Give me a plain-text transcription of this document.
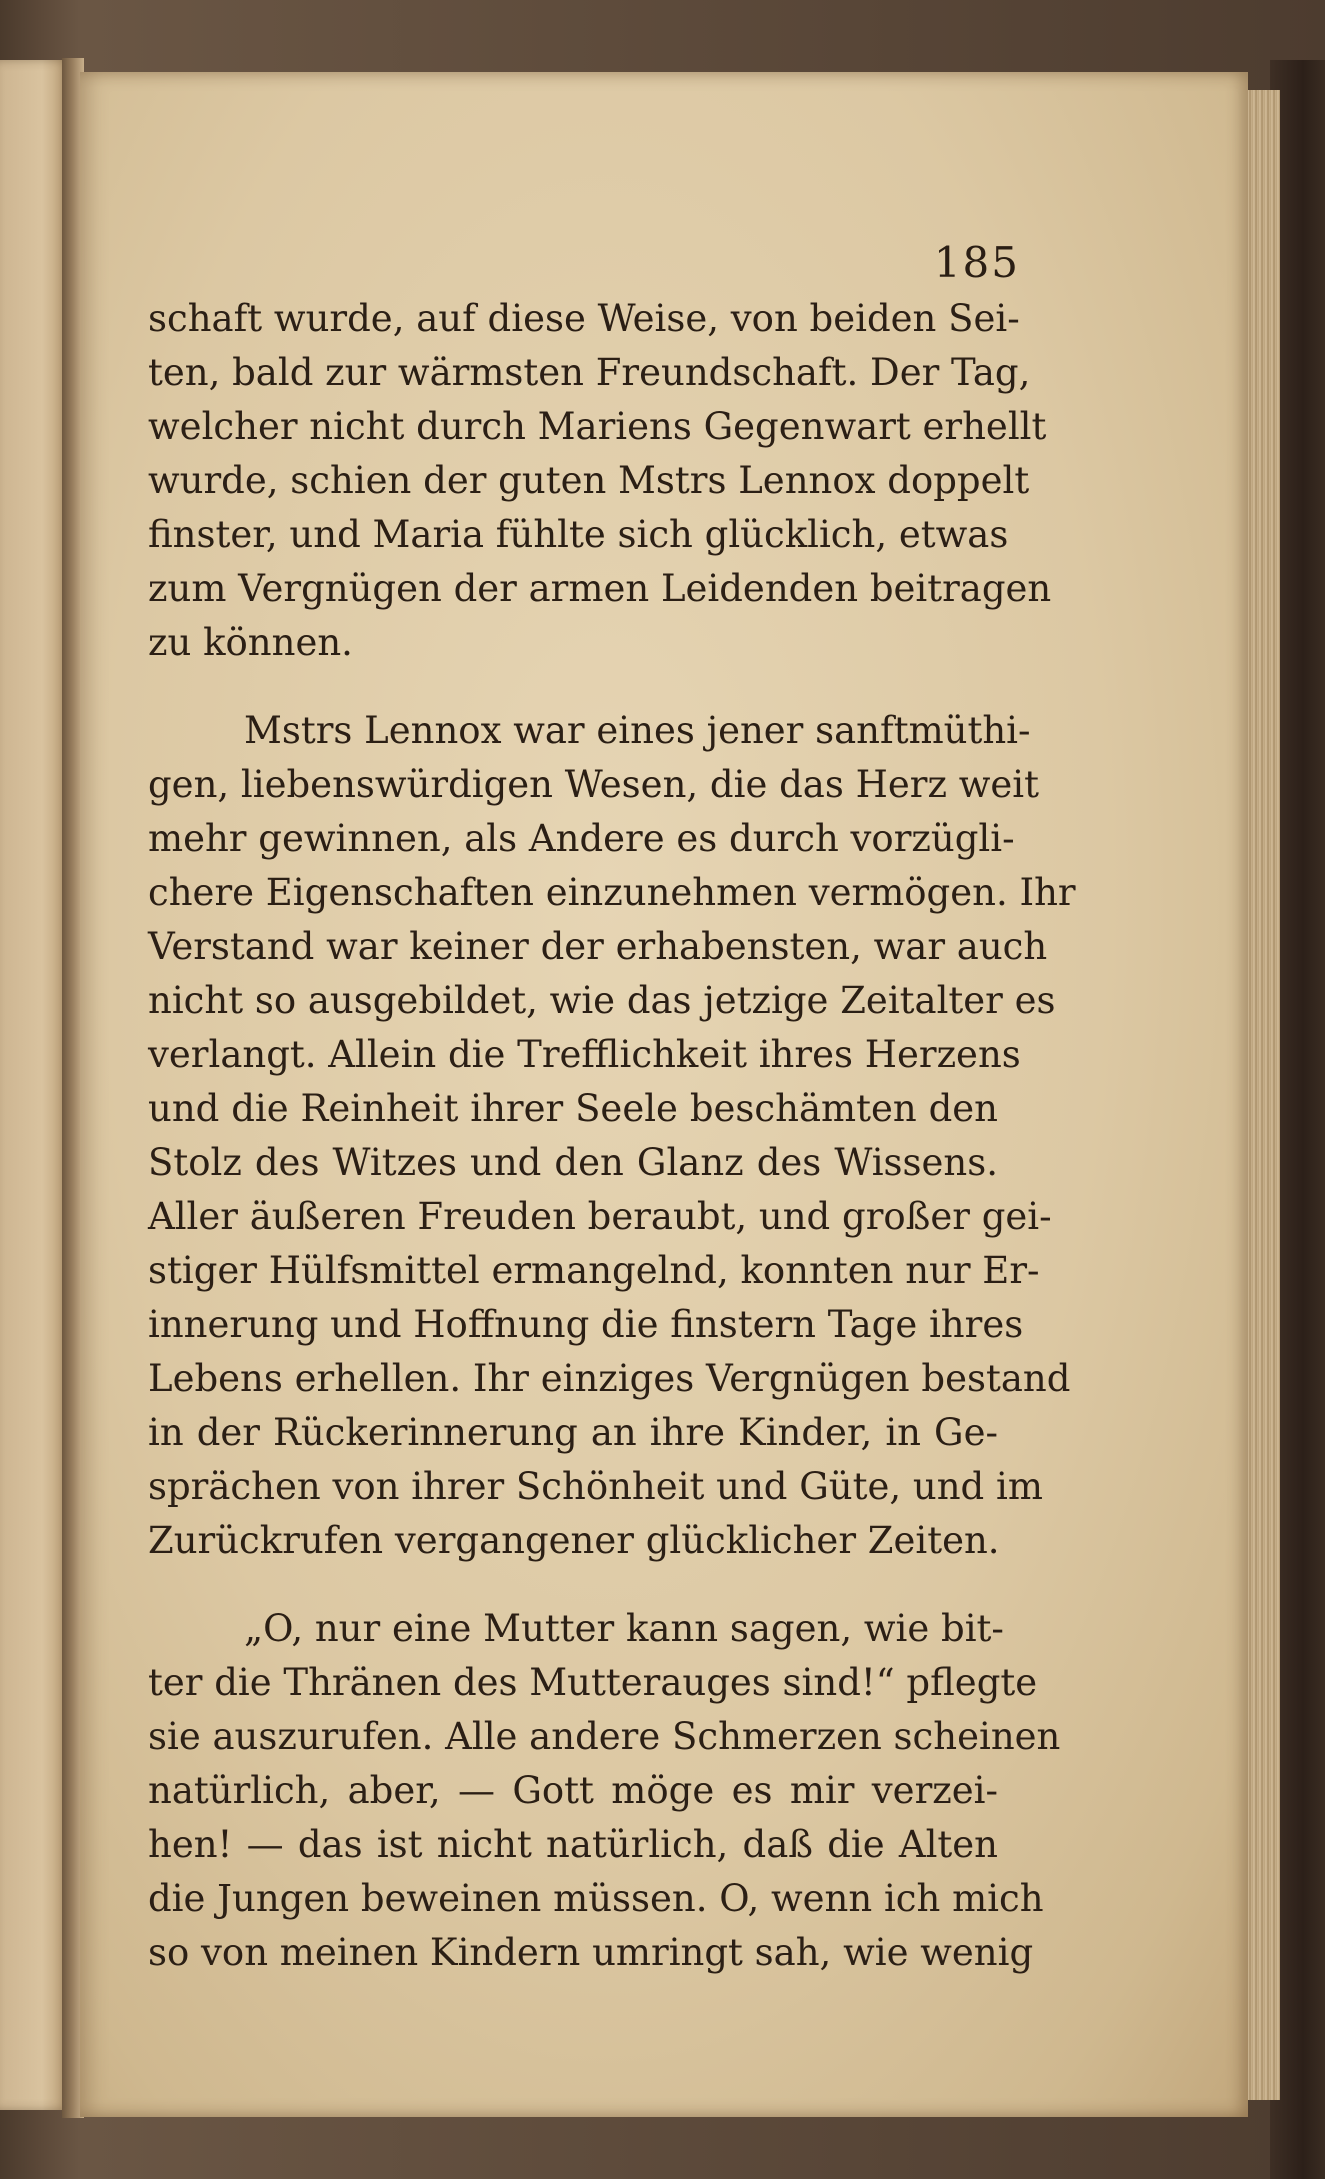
185
schaft wurde, auf diese Weise, von beiden Sei-
ten, bald zur wärmsten Freundschaft. Der Tag,
welcher nicht durch Mariens Gegenwart erhellt
wurde, schien der guten Mstrs Lennox doppelt
finster, und Maria fühlte sich glücklich, etwas
zum Vergnügen der armen Leidenden beitragen
zu können.
Mstrs Lennox war eines jener sanftmüthi-
gen, liebenswürdigen Wesen, die das Herz weit
mehr gewinnen, als Andere es durch vorzügli-
chere Eigenschaften einzunehmen vermögen. Ihr
Verstand war keiner der erhabensten, war auch
nicht so ausgebildet, wie das jetzige Zeitalter es
verlangt. Allein die Trefflichkeit ihres Herzens
und die Reinheit ihrer Seele beschämten den
Stolz des Witzes und den Glanz des Wissens.
Aller äußeren Freuden beraubt, und großer gei-
stiger Hülfsmittel ermangelnd, konnten nur Er-
innerung und Hoffnung die finstern Tage ihres
Lebens erhellen. Ihr einziges Vergnügen bestand
in der Rückerinnerung an ihre Kinder, in Ge-
sprächen von ihrer Schönheit und Güte, und im
Zurückrufen vergangener glücklicher Zeiten.
„O, nur eine Mutter kann sagen, wie bit-
ter die Thränen des Mutterauges sind!“ pflegte
sie auszurufen. Alle andere Schmerzen scheinen
natürlich, aber, — Gott möge es mir verzei-
hen! — das ist nicht natürlich, daß die Alten
die Jungen beweinen müssen. O, wenn ich mich
so von meinen Kindern umringt sah, wie wenig
